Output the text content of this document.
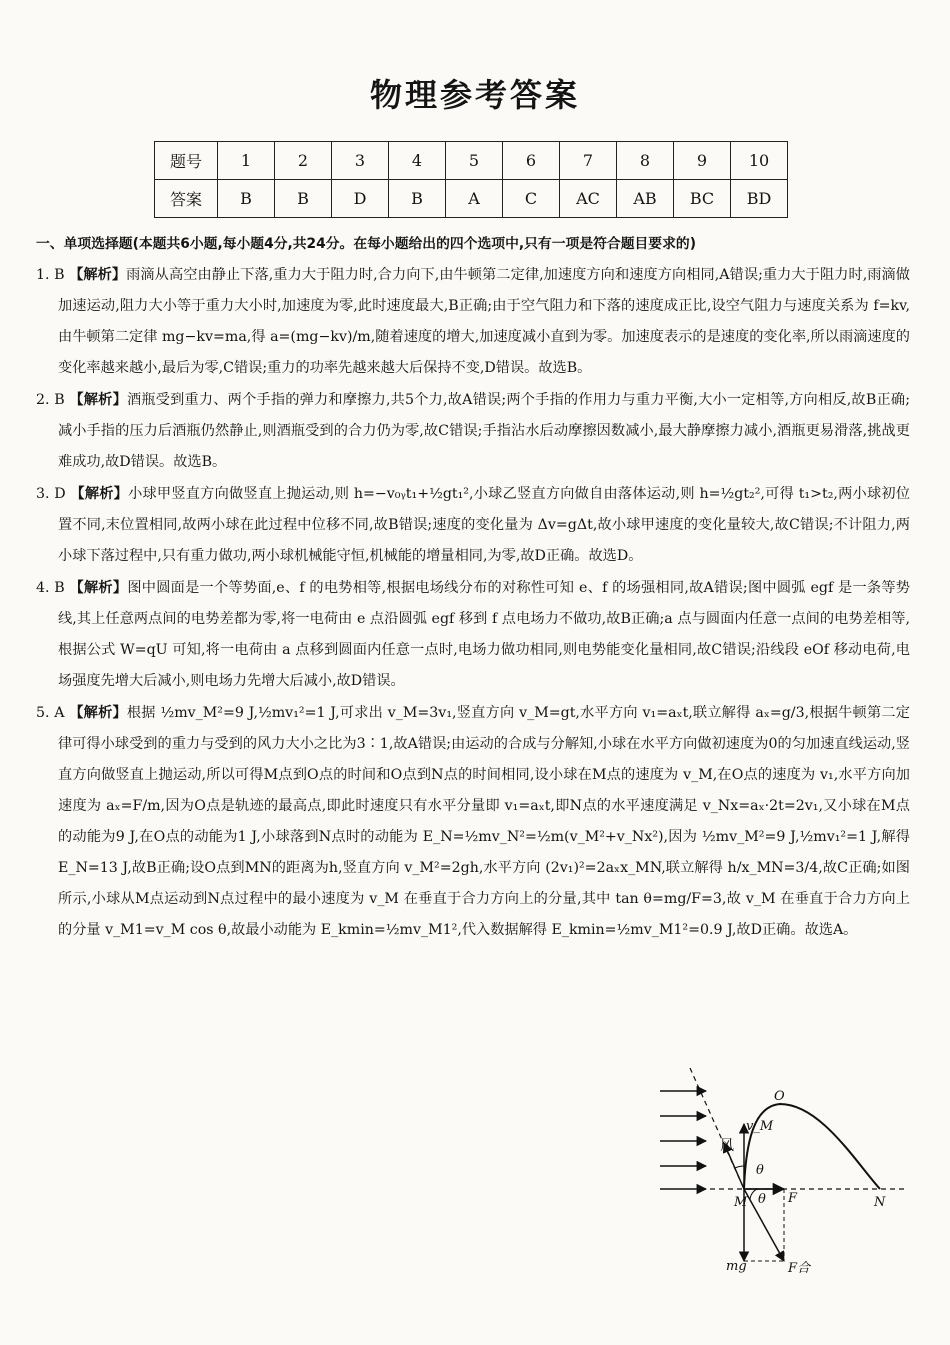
物理参考答案
题号	1	2	3	4	5	6	7	8	9	10
答案	B	B	D	B	A	C	AC	AB	BC	BD
一、单项选择题(本题共6小题,每小题4分,共24分。在每小题给出的四个选项中,只有一项是符合题目要求的)

1. B 【解析】雨滴从高空由静止下落,重力大于阻力时,合力向下,由牛顿第二定律,加速度方向和速度方向相同,A错误;重力大于阻力时,雨滴做加速运动,阻力大小等于重力大小时,加速度为零,此时速度最大,B正确;由于空气阻力和下落的速度成正比,设空气阻力与速度关系为 f=kv,由牛顿第二定律 mg−kv=ma,得 a=(mg−kv)/m,随着速度的增大,加速度减小直到为零。加速度表示的是速度的变化率,所以雨滴速度的变化率越来越小,最后为零,C错误;重力的功率先越来越大后保持不变,D错误。故选B。

2. B 【解析】酒瓶受到重力、两个手指的弹力和摩擦力,共5个力,故A错误;两个手指的作用力与重力平衡,大小一定相等,方向相反,故B正确;减小手指的压力后酒瓶仍然静止,则酒瓶受到的合力仍为零,故C错误;手指沾水后动摩擦因数减小,最大静摩擦力减小,酒瓶更易滑落,挑战更难成功,故D错误。故选B。

3. D 【解析】小球甲竖直方向做竖直上抛运动,则 h=−v₀ᵧt₁+½gt₁²,小球乙竖直方向做自由落体运动,则 h=½gt₂²,可得 t₁>t₂,两小球初位置不同,末位置相同,故两小球在此过程中位移不同,故B错误;速度的变化量为 Δv=gΔt,故小球甲速度的变化量较大,故C错误;不计阻力,两小球下落过程中,只有重力做功,两小球机械能守恒,机械能的增量相同,为零,故D正确。故选D。

4. B 【解析】图中圆面是一个等势面,e、f 的电势相等,根据电场线分布的对称性可知 e、f 的场强相同,故A错误;图中圆弧 egf 是一条等势线,其上任意两点间的电势差都为零,将一电荷由 e 点沿圆弧 egf 移到 f 点电场力不做功,故B正确;a 点与圆面内任意一点间的电势差相等,根据公式 W=qU 可知,将一电荷由 a 点移到圆面内任意一点时,电场力做功相同,则电势能变化量相同,故C错误;沿线段 eOf 移动电荷,电场强度先增大后减小,则电场力先增大后减小,故D错误。

5. A 【解析】根据 ½mv_M²=9 J,½mv₁²=1 J,可求出 v_M=3v₁,竖直方向 v_M=gt,水平方向 v₁=aₓt,联立解得 aₓ=g/3,根据牛顿第二定律可得小球受到的重力与受到的风力大小之比为3∶1,故A错误;由运动的合成与分解知,小球在水平方向做初速度为0的匀加速直线运动,竖直方向做竖直上抛运动,所以可得M点到O点的时间和O点到N点的时间相同,设小球在M点的速度为 v_M,在O点的速度为 v₁,水平方向加速度为 aₓ=F/m,因为O点是轨迹的最高点,即此时速度只有水平分量即 v₁=aₓt,即N点的水平速度满足 v_Nx=aₓ·2t=2v₁,又小球在M点的动能为9 J,在O点的动能为1 J,小球落到N点时的动能为 E_N=½mv_N²=½m(v_M²+v_Nx²),因为 ½mv_M²=9 J,½mv₁²=1 J,解得 E_N=13 J,故B正确;设O点到MN的距离为h,竖直方向 v_M²=2gh,水平方向 (2v₁)²=2aₓx_MN,联立解得 h/x_MN=3/4,故C正确;如图所示,小球从M点运动到N点过程中的最小速度为 v_M 在垂直于合力方向上的分量,其中 tan θ=mg/F=3,故 v_M 在垂直于合力方向上的分量 v_M1=v_M cos θ,故最小动能为 E_kmin=½mv_M1²,代入数据解得 E_kmin=½mv_M1²=0.9 J,故D正确。故选A。

v_M
O
θ
θ
M	F	N
mg	F合
风
